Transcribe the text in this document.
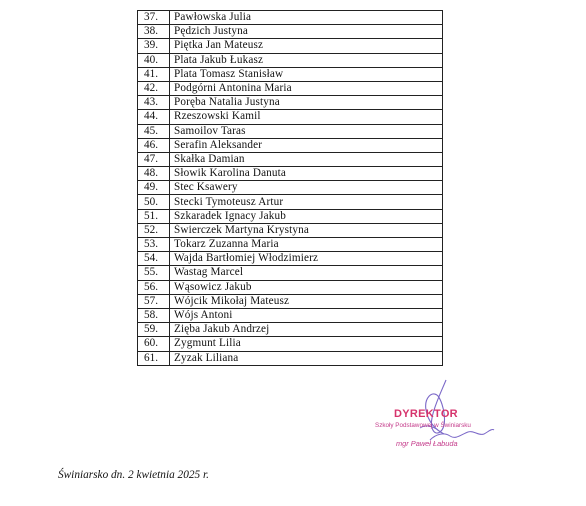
37.	Pawłowska Julia
38.	Pędzich Justyna
39.	Piętka Jan Mateusz
40.	Plata Jakub Łukasz
41.	Plata Tomasz Stanisław
42.	Podgórni Antonina Maria
43.	Poręba Natalia Justyna
44.	Rzeszowski Kamil
45.	Samoilov Taras
46.	Serafin Aleksander
47.	Skałka Damian
48.	Słowik Karolina Danuta
49.	Stec Ksawery
50.	Stecki Tymoteusz Artur
51.	Szkaradek Ignacy Jakub
52.	Świerczek Martyna Krystyna
53.	Tokarz Zuzanna Maria
54.	Wajda Bartłomiej Włodzimierz
55.	Wastag Marcel
56.	Wąsowicz Jakub
57.	Wójcik Mikołaj Mateusz
58.	Wójs Antoni
59.	Zięba Jakub Andrzej
60.	Zygmunt Lilia
61.	Zyzak Liliana
DYREKTOR
Szkoły Podstawowej w Świniarsku
mgr Paweł Łabuda
Świniarsko dn. 2 kwietnia 2025 r.
